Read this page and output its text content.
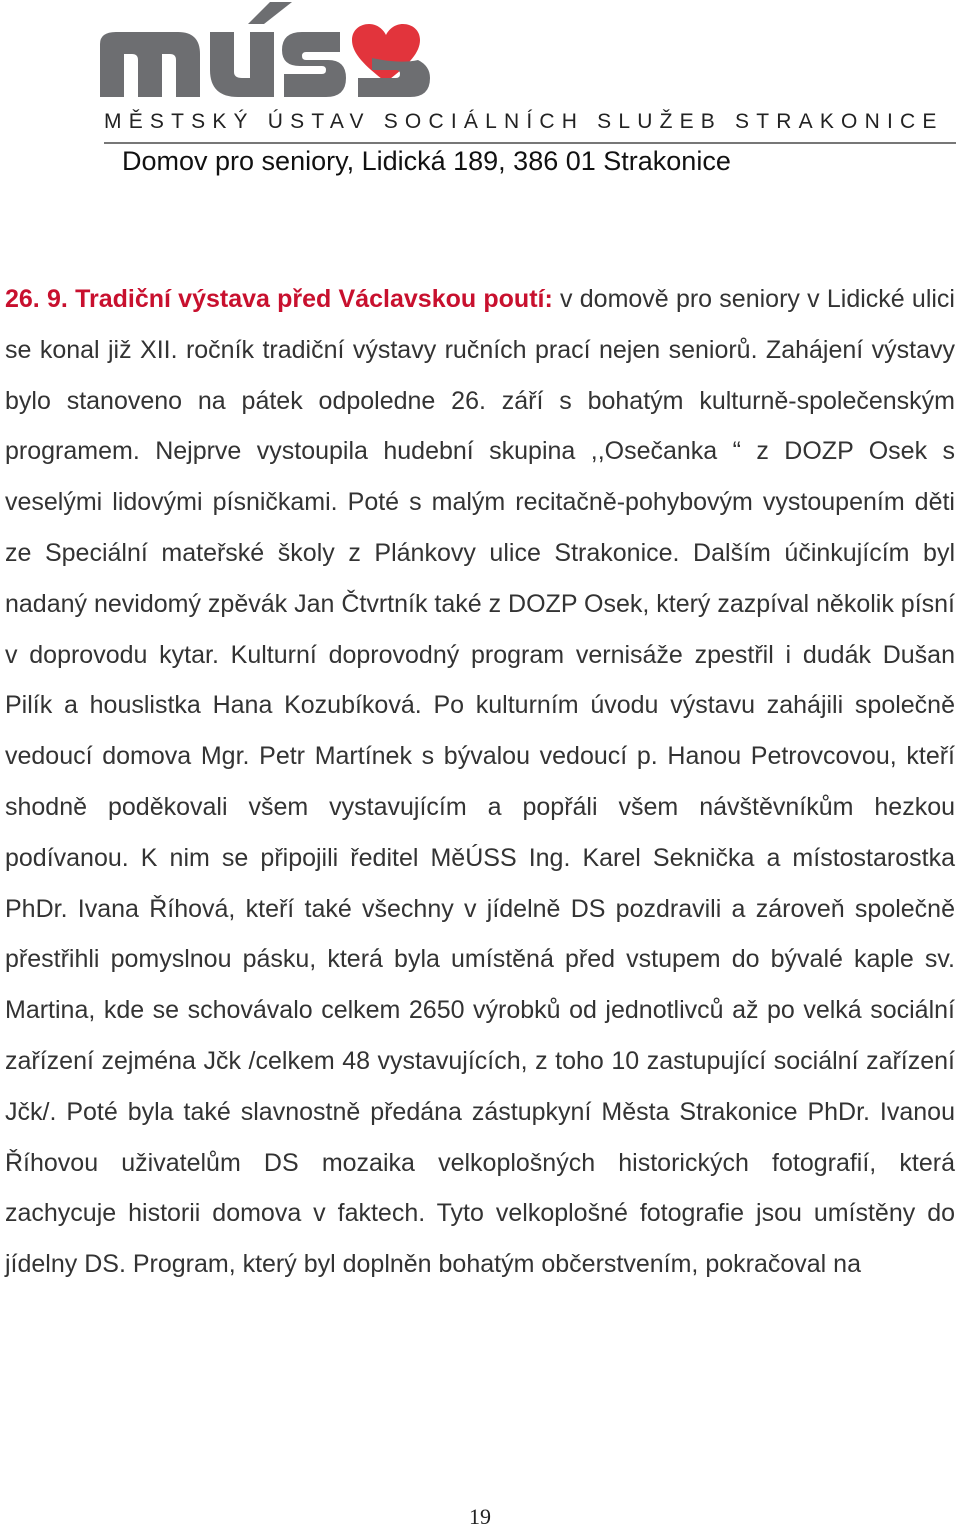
MĚSTSKÝ ÚSTAV SOCIÁLNÍCH SLUŽEB STRAKONICE
Domov pro seniory, Lidická 189, 386 01 Strakonice

26. 9. Tradiční výstava před Václavskou poutí: v domově pro seniory v Lidické ulici se konal již XII. ročník tradiční výstavy ručních prací nejen seniorů. Zahájení výstavy bylo stanoveno na pátek odpoledne 26. září s bohatým kulturně-společenským programem. Nejprve vystoupila hudební skupina ,,Osečanka “ z DOZP Osek s veselými lidovými písničkami. Poté s malým recitačně-pohybovým vystoupením děti ze Speciální mateřské školy z Plánkovy ulice Strakonice. Dalším účinkujícím byl nadaný nevidomý zpěvák Jan Čtvrtník také z DOZP Osek, který zazpíval několik písní v doprovodu kytar. Kulturní doprovodný program vernisáže zpestřil i dudák Dušan Pilík a houslistka Hana Kozubíková. Po kulturním úvodu výstavu zahájili společně vedoucí domova Mgr. Petr Martínek s bývalou vedoucí p. Hanou Petrovcovou, kteří shodně poděkovali všem vystavujícím a popřáli všem návštěvníkům hezkou podívanou. K nim se připojili ředitel MěÚSS Ing. Karel Seknička a místostarostka PhDr. Ivana Říhová, kteří také všechny v jídelně DS pozdravili a zároveň společně přestřihli pomyslnou pásku, která byla umístěná před vstupem do bývalé kaple sv. Martina, kde se schovávalo celkem 2650 výrobků od jednotlivců až po velká sociální zařízení zejména Jčk /celkem 48 vystavujících, z toho 10 zastupující sociální zařízení Jčk/. Poté byla také slavnostně předána zástupkyní Města Strakonice PhDr. Ivanou Říhovou uživatelům DS mozaika velkoplošných historických fotografií, která zachycuje historii domova v faktech. Tyto velkoplošné fotografie jsou umístěny do jídelny DS. Program, který byl doplněn bohatým občerstvením, pokračoval na

19
